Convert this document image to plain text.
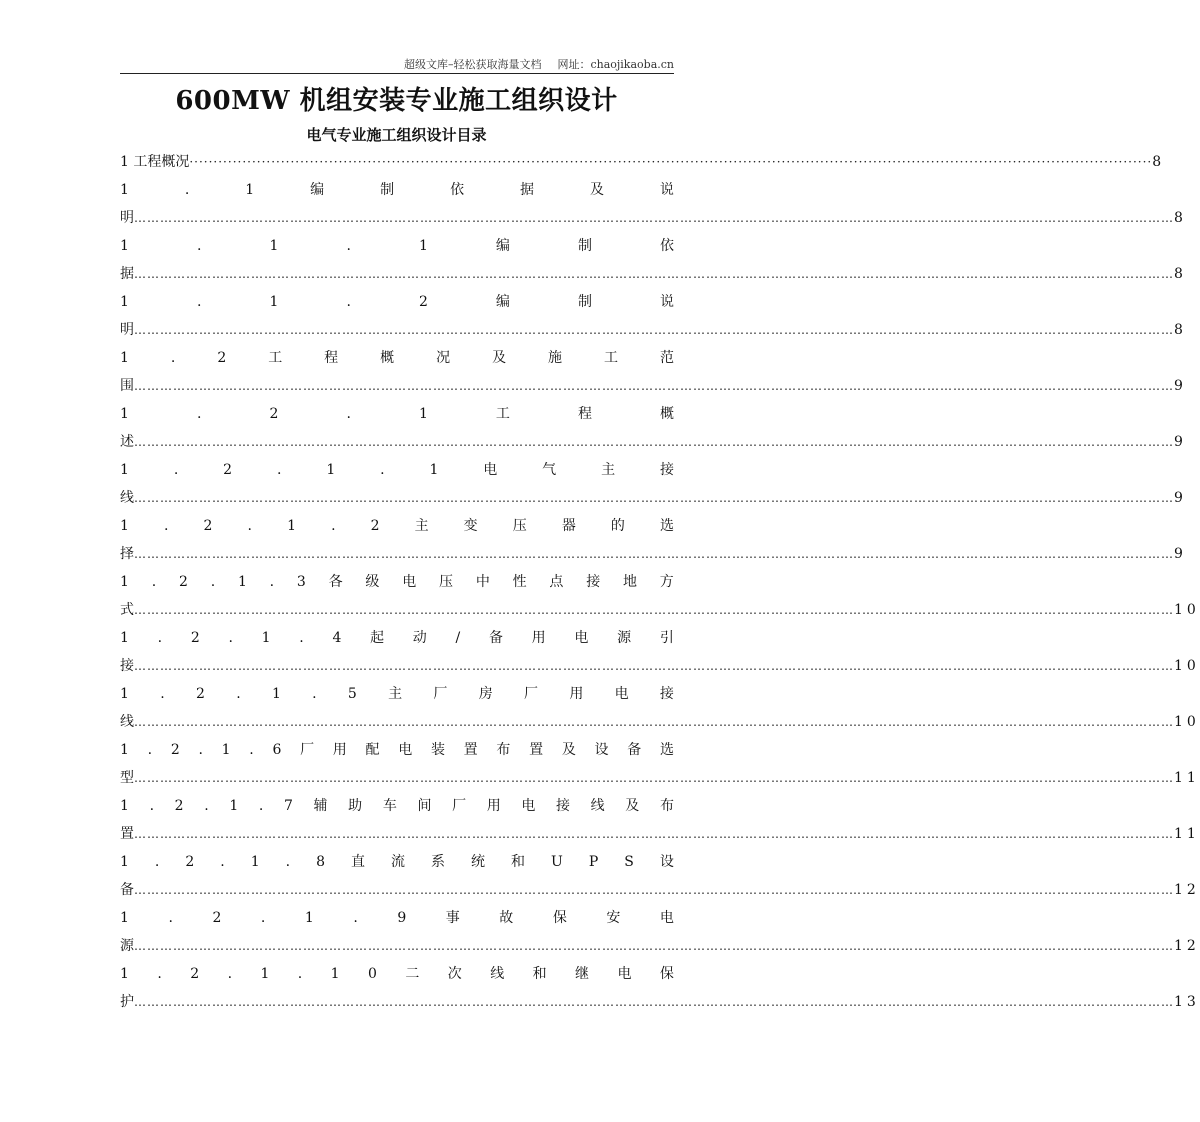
超级文库–轻松获取海量文档 网址：chaojikaoba.cn
600MW 机组安装专业施工组织设计
电气专业施工组织设计目录
1 工程概况 ········································································································································································································ 8
1	.	1	编	制	依	据	及	说
明 …………………………………………………………………………………………………………………………………………………………………………………………………………………… 8
1	.	1	.	1	编	制	依
据 …………………………………………………………………………………………………………………………………………………………………………………………………………………… 8
1	.	1	.	2	编	制	说
明 …………………………………………………………………………………………………………………………………………………………………………………………………………………… 8
1	.	2	工	程	概	况	及	施	工	范
围 …………………………………………………………………………………………………………………………………………………………………………………………………………………… 9
1	.	2	.	1	工	程	概
述 …………………………………………………………………………………………………………………………………………………………………………………………………………………… 9
1	.	2	.	1	.	1	电	气	主	接
线 …………………………………………………………………………………………………………………………………………………………………………………………………………………… 9
1	.	2	.	1	.	2	主	变	压	器	的	选
择 …………………………………………………………………………………………………………………………………………………………………………………………………………………… 9
1 . 2 . 1 . 3 各 级 电 压 中 性 点 接 地 方
式 …………………………………………………………………………………………………………………………………………………………………………………………………………………… 10
1 . 2 . 1 . 4 起 动 / 备 用 电 源 引
接 …………………………………………………………………………………………………………………………………………………………………………………………………………………… 10
1 . 2 . 1 . 5 主 厂 房 厂 用 电 接
线 …………………………………………………………………………………………………………………………………………………………………………………………………………………… 10
1 . 2 . 1 . 6 厂 用 配 电 装 置 布 置 及 设 备 选
型 …………………………………………………………………………………………………………………………………………………………………………………………………………………… 11
1 . 2 . 1 . 7 辅 助 车 间 厂 用 电 接 线 及 布
置 …………………………………………………………………………………………………………………………………………………………………………………………………………………… 11
1 . 2 . 1 . 8 直 流 系 统 和 U P S 设
备 …………………………………………………………………………………………………………………………………………………………………………………………………………………… 12
1	.	2	.	1	.	9	事	故	保	安	电
源 …………………………………………………………………………………………………………………………………………………………………………………………………………………… 12
1 . 2 . 1 . 1 0 二 次 线 和 继 电 保
护 …………………………………………………………………………………………………………………………………………………………………………………………………………………… 13
